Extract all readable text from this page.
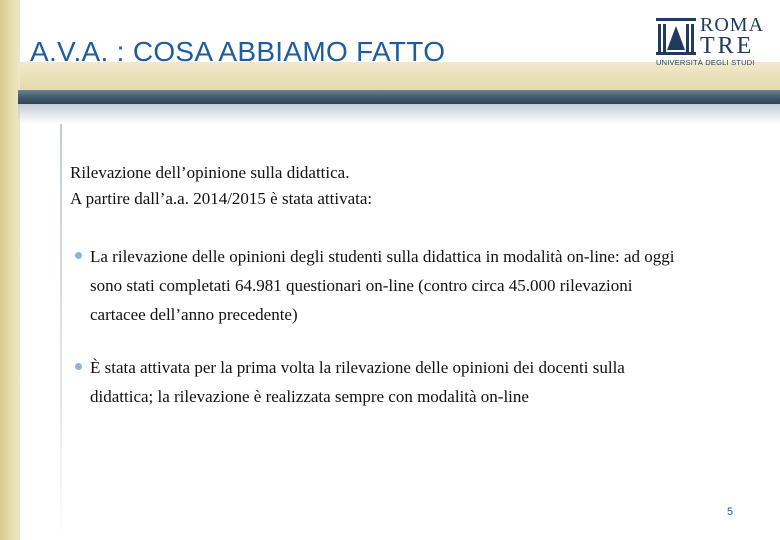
A.V.A. : COSA ABBIAMO FATTO
ROMA
TRE
UNIVERSITÀ DEGLI STUDI

Rilevazione dell’opinione sulla didattica.
A partire dall’a.a. 2014/2015 è stata attivata:

La rilevazione delle opinioni degli studenti sulla didattica in modalità on-line: ad oggi sono stati completati 64.981 questionari on-line (contro circa 45.000 rilevazioni cartacee dell’anno precedente)
È stata attivata per la prima volta la rilevazione delle opinioni dei docenti sulla didattica; la rilevazione è realizzata sempre con modalità on-line
5
